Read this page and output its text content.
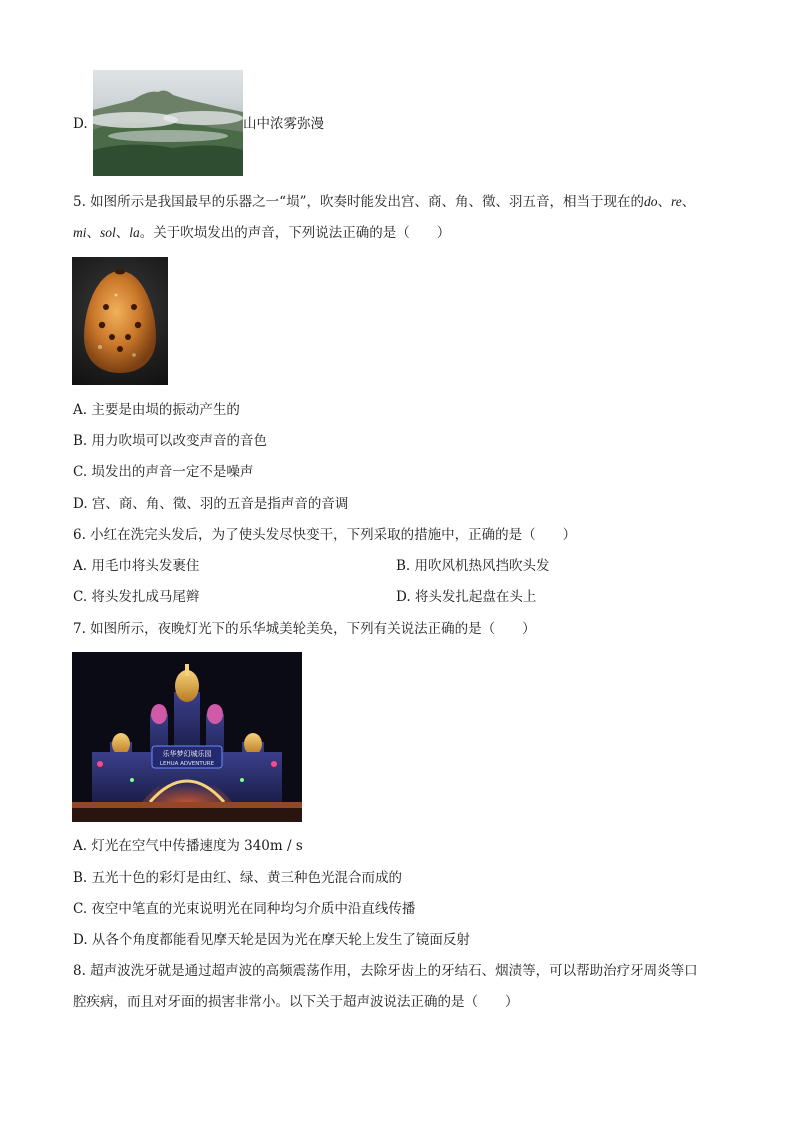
D.	山中浓雾弥漫
5. 如图所示是我国最早的乐器之一“埙”，吹奏时能发出宫、商、角、徵、羽五音，相当于现在的do、re、
mi、sol、la。关于吹埙发出的声音，下列说法正确的是（　　）
A. 主要是由埙的振动产生的
B. 用力吹埙可以改变声音的音色
C. 埙发出的声音一定不是噪声
D. 宫、商、角、徵、羽的五音是指声音的音调
6. 小红在洗完头发后，为了使头发尽快变干，下列采取的措施中，正确的是（　　）
A. 用毛巾将头发裹住	B. 用吹风机热风挡吹头发
C. 将头发扎成马尾辫	D. 将头发扎起盘在头上
7. 如图所示，夜晚灯光下的乐华城美轮美奂，下列有关说法正确的是（　　）
乐华梦幻城乐园
LEHUA ADVENTURE
A. 灯光在空气中传播速度为 340m / s
B. 五光十色的彩灯是由红、绿、黄三种色光混合而成的
C. 夜空中笔直的光束说明光在同种均匀介质中沿直线传播
D. 从各个角度都能看见摩天轮是因为光在摩天轮上发生了镜面反射
8. 超声波洗牙就是通过超声波的高频震荡作用，去除牙齿上的牙结石、烟渍等，可以帮助治疗牙周炎等口
腔疾病，而且对牙面的损害非常小。以下关于超声波说法正确的是（　　）
